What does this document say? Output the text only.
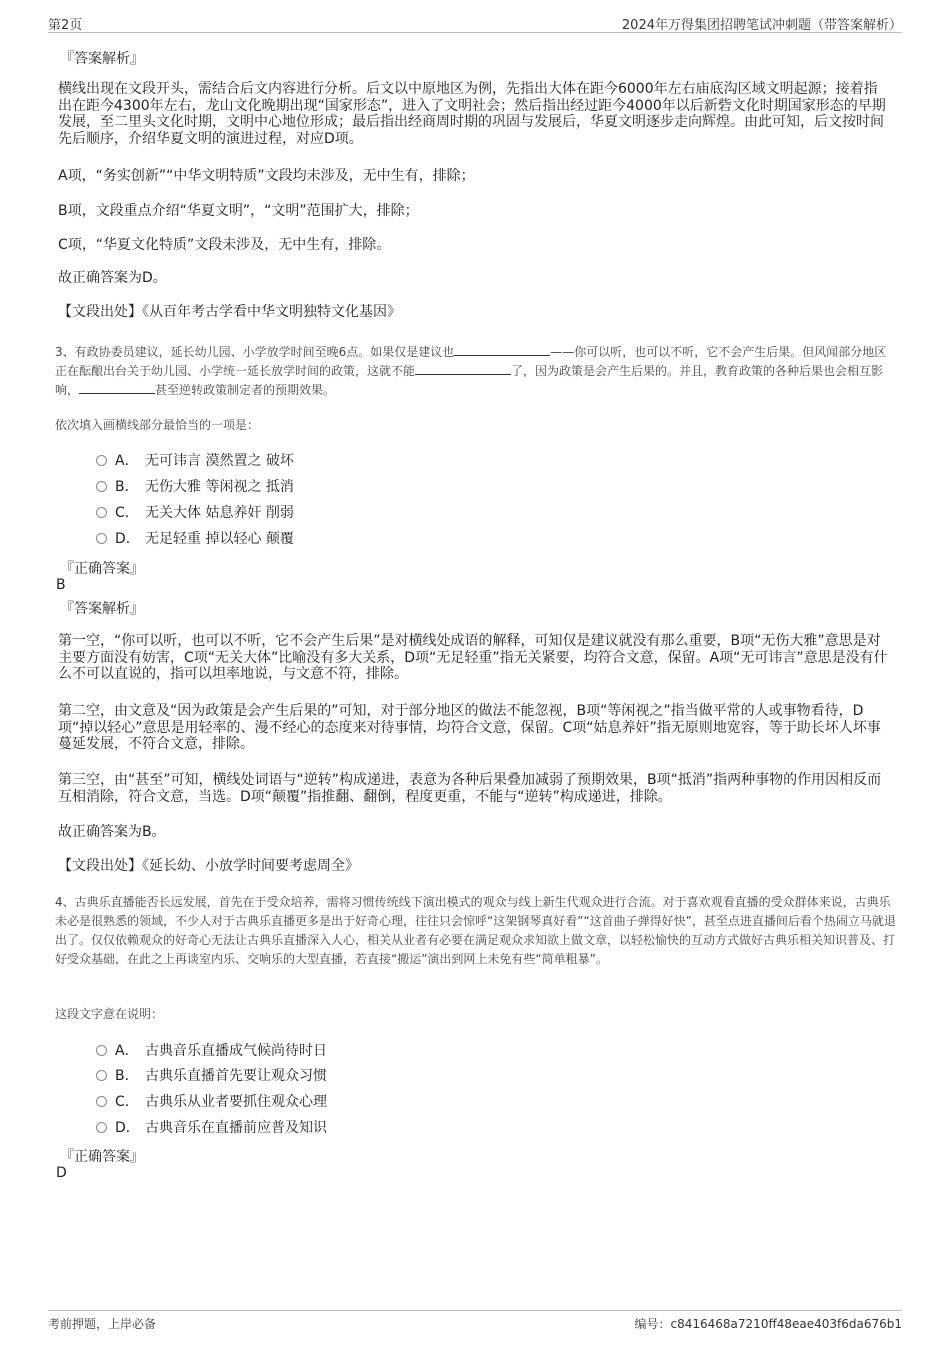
第2页	2024年万得集团招聘笔试冲刺题（带答案解析）
『答案解析』

横线出现在文段开头，需结合后文内容进行分析。后文以中原地区为例，先指出大体在距今6000年左右庙底沟区域文明起源；接着指出在距今4300年左右，龙山文化晚期出现“国家形态”，进入了文明社会；然后指出经过距今4000年以后新砦文化时期国家形态的早期发展，至二里头文化时期，文明中心地位形成；最后指出经商周时期的巩固与发展后，华夏文明逐步走向辉煌。由此可知，后文按时间先后顺序，介绍华夏文明的演进过程，对应D项。

A项，“务实创新”“中华文明特质”文段均未涉及，无中生有，排除；

B项，文段重点介绍“华夏文明”，“文明”范围扩大，排除；

C项，“华夏文化特质”文段未涉及，无中生有，排除。

故正确答案为D。

【文段出处】《从百年考古学看中华文明独特文化基因》

3、有政协委员建议，延长幼儿园、小学放学时间至晚6点。如果仅是建议也	——你可以听，也可以不听，它不会产生后果。但风闻部分地区正在酝酿出台关于幼儿园、小学统一延长放学时间的政策，这就不能	了，因为政策是会产生后果的。并且，教育政策的各种后果也会相互影响，	甚至逆转政策制定者的预期效果。

依次填入画横线部分最恰当的一项是：

A． 无可讳言 漠然置之 破坏
B． 无伤大雅 等闲视之 抵消
C． 无关大体 姑息养奸 削弱
D． 无足轻重 掉以轻心 颠覆
『正确答案』
B
『答案解析』

第一空，“你可以听，也可以不听，它不会产生后果”是对横线处成语的解释，可知仅是建议就没有那么重要，B项“无伤大雅”意思是对主要方面没有妨害，C项“无关大体”比喻没有多大关系，D项“无足轻重”指无关紧要，均符合文意，保留。A项“无可讳言”意思是没有什么不可以直说的，指可以坦率地说，与文意不符，排除。

第二空，由文意及“因为政策是会产生后果的”可知，对于部分地区的做法不能忽视，B项“等闲视之”指当做平常的人或事物看待，D项“掉以轻心”意思是用轻率的、漫不经心的态度来对待事情，均符合文意，保留。C项“姑息养奸”指无原则地宽容，等于助长坏人坏事蔓延发展，不符合文意，排除。

第三空，由“甚至”可知，横线处词语与“逆转”构成递进，表意为各种后果叠加减弱了预期效果，B项“抵消”指两种事物的作用因相反而互相消除，符合文意，当选。D项“颠覆”指推翻、翻倒，程度更重，不能与“逆转”构成递进，排除。

故正确答案为B。

【文段出处】《延长幼、小放学时间要考虑周全》

4、古典乐直播能否长远发展，首先在于受众培养，需将习惯传统线下演出模式的观众与线上新生代观众进行合流。对于喜欢观看直播的受众群体来说，古典乐未必是很熟悉的领域，不少人对于古典乐直播更多是出于好奇心理，往往只会惊呼“这架钢琴真好看”“这首曲子弹得好快”，甚至点进直播间后看个热闹立马就退出了。仅仅依赖观众的好奇心无法让古典乐直播深入人心，相关从业者有必要在满足观众求知欲上做文章，以轻松愉快的互动方式做好古典乐相关知识普及、打好受众基础，在此之上再谈室内乐、交响乐的大型直播，若直接“搬运”演出到网上未免有些“简单粗暴”。

这段文字意在说明：

A． 古典音乐直播成气候尚待时日
B． 古典乐直播首先要让观众习惯
C． 古典乐从业者要抓住观众心理
D． 古典音乐在直播前应普及知识
『正确答案』
D
考前押题，上岸必备	编号：c8416468a7210ff48eae403f6da676b1
